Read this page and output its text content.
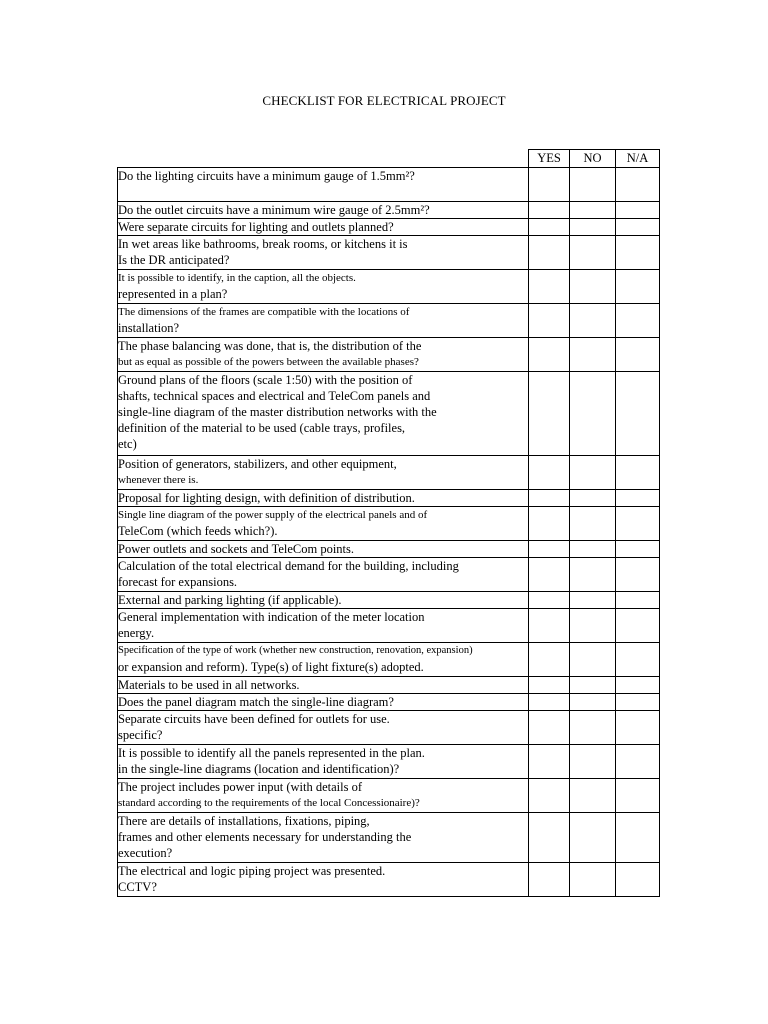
CHECKLIST FOR ELECTRICAL PROJECT
	YES	NO	N/A

Do the lighting circuits have a minimum gauge of 1.5mm²?			

Do the outlet circuits have a minimum wire gauge of 2.5mm²?			

Were separate circuits for lighting and outlets planned?			

In wet areas like bathrooms, break rooms, or kitchens it is
Is the DR anticipated?			

It is possible to identify, in the caption, all the objects.
represented in a plan?			

The dimensions of the frames are compatible with the locations of
installation?			

The phase balancing was done, that is, the distribution of the
but as equal as possible of the powers between the available phases?			

Ground plans of the floors (scale 1:50) with the position of
shafts, technical spaces and electrical and TeleCom panels and
single-line diagram of the master distribution networks with the
definition of the material to be used (cable trays, profiles,
etc)			

Position of generators, stabilizers, and other equipment,
whenever there is.			

Proposal for lighting design, with definition of distribution.			

Single line diagram of the power supply of the electrical panels and of
TeleCom (which feeds which?).			

Power outlets and sockets and TeleCom points.			

Calculation of the total electrical demand for the building, including
forecast for expansions.			

External and parking lighting (if applicable).			

General implementation with indication of the meter location
energy.			

Specification of the type of work (whether new construction, renovation, expansion)
or expansion and reform). Type(s) of light fixture(s) adopted.			

Materials to be used in all networks.			

Does the panel diagram match the single-line diagram?			

Separate circuits have been defined for outlets for use.
specific?			

It is possible to identify all the panels represented in the plan.
in the single-line diagrams (location and identification)?			

The project includes power input (with details of
standard according to the requirements of the local Concessionaire)?			

There are details of installations, fixations, piping,
frames and other elements necessary for understanding the
execution?			

The electrical and logic piping project was presented.
CCTV?			
